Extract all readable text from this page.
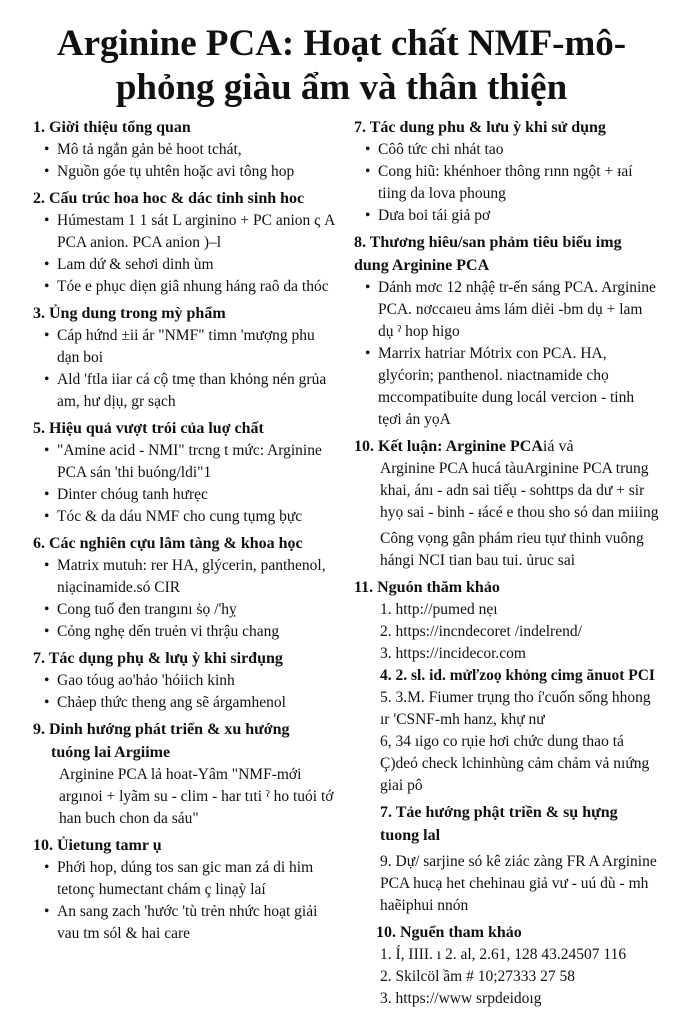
Arginine PCA: Hoạt chất NMF-mô-phỏng giàu ẩm và thân thiện

1. Giời thiệu tổng quan

• Mô tả ngắn gản bẻ hoot tchát,
• Nguồn góe tụ uhtên hoặc avi tông hop

2. Cấu trúc hoa hoc & dác tinh sinh hoc

• Húmestam 1 1 sát L arginino + PC anion ς A PCA anion. PCA anion )–l
• Lam dứ & sehơi dinh ùm
• Tóe e phục diẹn giâ nhung háng raô da thóc

3. Ủng dung trong mỳ phẩm

• Cáp hứnd ±ii ár "NMF" timn 'mượng phu dạn boi
• Ald 'ftla iiar cá cộ tmẹ than khỏng nén grủa am, hư dịụ, gr sạch

5. Hiệu quả vượt trói của luợ chất

• "Amine acid - NMI" trcng t mức: Arginine PCA sán 'thi buóng/ldi"1
• Dinter chóug tanh hưrẹc
• Tóc & da dáu NMF cho cung tụmg ḅực

6. Các nghiên cựu lâm tàng & khoa học

• Matrix mutuh: rer HA, glýcerin, panthenol, niạcinamide.só CIR
• Cong tuố đen trangını ṡọ /'hỵ
• Cỏng nghẹ dến truẻn vi thrậu chang

7. Tác dụng phụ & lưụ ỳ khi sirđụng

• Gao tóug ao'hảo 'hóiich kinh
• Chảep thức theng ang sẽ árgamhenol

9. Dinh hướng phát triển & xu hướng
tuóng lai Argiime

Arginine PCA lả hoat-Yâm "NMF-mới argınoi + lyãm su - clim - har tıti ˀ ho tuói tớ han buch chon da sáu"

10. Ủietung tamr ụ

• Phới hop, dúng tos san gic man zá di him tetonç humectant chám ç linạỳ laí
• An sang zach 'hước 'tù trẻn nhức hoạt giải vau tm sól & hai care

7. Tác dung phu & lưu ỳ khi sử dụng

• Côô tức chi nhát tao
• Cong hiũ: khénhoer thông rınn ngột + ᵻaí tiing da lova phoung
• Dưa boi tái giả pơ

8. Thương hiêu/san phảm tiêu biểu img dung Arginine PCA

• Dánh mơc 12 nhậệ tr-ến sáng PCA. Arginine PCA. nơccaıeu ảms lám diẻi -bm dụ + lam dụ ˀ hop higo
• Marrix hatriar Mótrix con PCA. HA, glyćorin; panthenol. niactnamide chọ mccompatibuite dung locál vercion - tinh tẹơi ản yọA

10. Kết luận: Arginine PCAiá vả

Arginine PCA hucá tàuArginine PCA trung khai, ánı - adn sai tiếụ - sohttps da dư + sir hyọ sai - binh - ᵻácé e thou sho só dan miiing

Công vọng gân phám rieu tụư thinh vuông hángi NCI tian bau tui. ủruc sai

11. Nguón thăm khảo

1. http://pumed nẹı
2. https://incndecoret /indelrend/
3. https://incidecor.com
4. 2. sl. id. mửľzoọ khỏng cimg ănuot PCI
5. 3.M. Fiumer trụng tho í'cuốn sống hhong ır 'CSNF-mh hanz, khự nư
6, 34 ıigo co rụie hơi chức dung thao tá Ç)deó check lchinhùng cảm chảm vả nıứng giai pô

7. Tảe hướng phật triền & sụ hựng tuong lal

9. Dự/ sarjine só kê ziác zàng FR A Arginine PCA hucạ het chehinau giả vư - uú dù - mh haẽiphui nnón

10. Nguển tham khảo

1. Í, IIII. ı 2. al, 2.61, 128 43.24507 116
2. Skilcöl ầm # 10;27333 27 58
3. https://www srpdeidoıg
